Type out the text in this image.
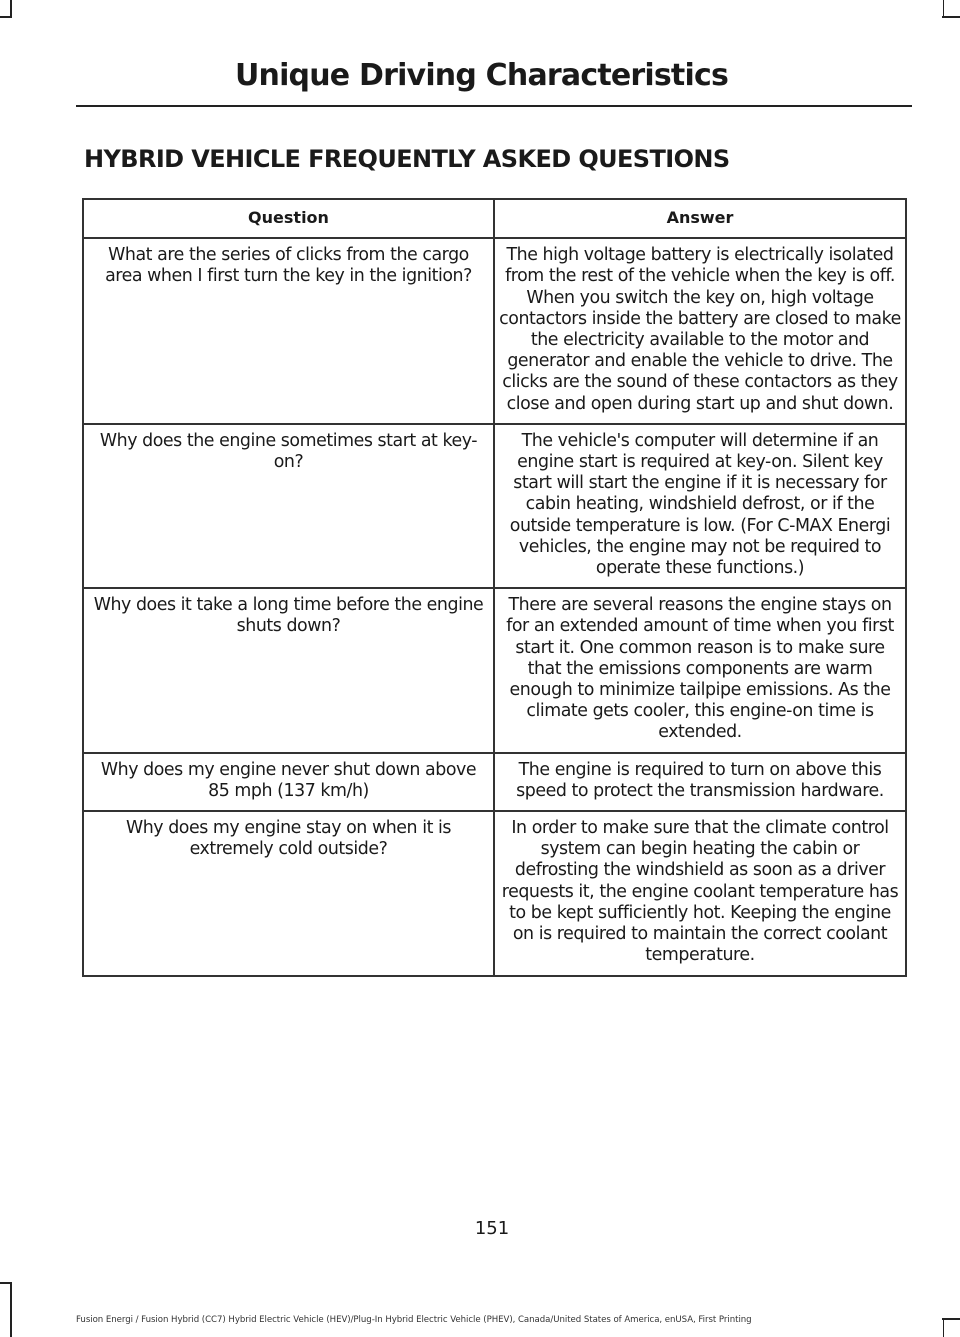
Unique Driving Characteristics
HYBRID VEHICLE FREQUENTLY ASKED QUESTIONS
Question	Answer
What are the series of clicks from the cargo area when I first turn the key in the ignition?	The high voltage battery is electrically isolated from the rest of the vehicle when the key is off. When you switch the key on, high voltage contactors inside the battery are closed to make the electricity available to the motor and generator and enable the vehicle to drive. The clicks are the sound of these contactors as they close and open during start up and shut down.
Why does the engine sometimes start at key-on?	The vehicle's computer will determine if an engine start is required at key-on. Silent key start will start the engine if it is necessary for cabin heating, windshield defrost, or if the outside temperature is low. (For C-MAX Energi vehicles, the engine may not be required to operate these functions.)
Why does it take a long time before the engine shuts down?	There are several reasons the engine stays on for an extended amount of time when you first start it. One common reason is to make sure that the emissions components are warm enough to minimize tailpipe emissions. As the climate gets cooler, this engine-on time is extended.
Why does my engine never shut down above 85 mph (137 km/h)	The engine is required to turn on above this speed to protect the transmission hardware.
Why does my engine stay on when it is extremely cold outside?	In order to make sure that the climate control system can begin heating the cabin or defrosting the windshield as soon as a driver requests it, the engine coolant temperature has to be kept sufficiently hot. Keeping the engine on is required to maintain the correct coolant temperature.
151
Fusion Energi / Fusion Hybrid (CC7) Hybrid Electric Vehicle (HEV)/Plug-In Hybrid Electric Vehicle (PHEV), Canada/United States of America, enUSA, First Printing
